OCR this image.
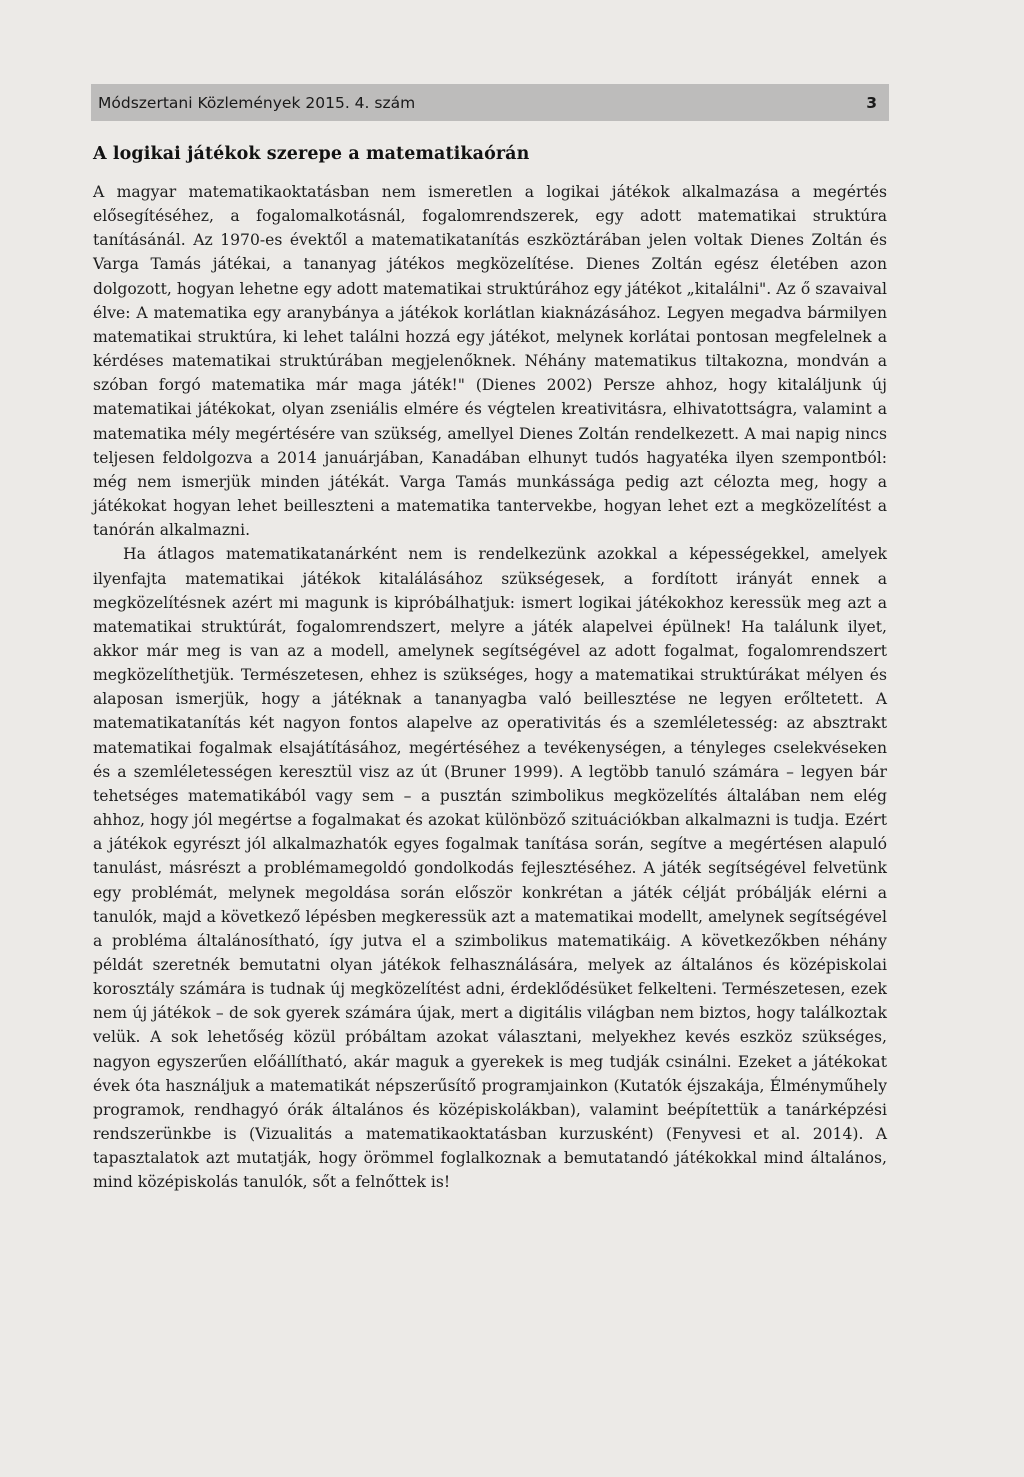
Módszertani Közlemények 2015. 4. szám	3
A logikai játékok szerepe a matematikaórán

A magyar matematikaoktatásban nem ismeretlen a logikai játékok alkalmazása a megértés elősegítéséhez, a fogalomalkotásnál, fogalomrendszerek, egy adott matematikai struktúra tanításánál. Az 1970-es évektől a matematikatanítás eszköztárában jelen voltak Dienes Zoltán és Varga Tamás játékai, a tananyag játékos megközelítése. Dienes Zoltán egész életében azon dolgozott, hogyan lehetne egy adott matematikai struktúrához egy játékot „kitalálni". Az ő szavaival élve: A matematika egy aranybánya a játékok korlátlan kiaknázásához. Legyen megadva bármilyen matematikai struktúra, ki lehet találni hozzá egy játékot, melynek korlátai pontosan megfelelnek a kérdéses matematikai struktúrában megjelenőknek. Néhány matematikus tiltakozna, mondván a szóban forgó matematika már maga játék!" (Dienes 2002) Persze ahhoz, hogy kitaláljunk új matematikai játékokat, olyan zseniális elmére és végtelen kreativitásra, elhivatottságra, valamint a matematika mély megértésére van szükség, amellyel Dienes Zoltán rendelkezett. A mai napig nincs teljesen feldolgozva a 2014 januárjában, Kanadában elhunyt tudós hagyatéka ilyen szempontból: még nem ismerjük minden játékát. Varga Tamás munkássága pedig azt célozta meg, hogy a játékokat hogyan lehet beilleszteni a matematika tantervekbe, hogyan lehet ezt a megközelítést a tanórán alkalmazni.

Ha átlagos matematikatanárként nem is rendelkezünk azokkal a képességekkel, amelyek ilyenfajta matematikai játékok kitalálásához szükségesek, a fordított irányát ennek a megközelítésnek azért mi magunk is kipróbálhatjuk: ismert logikai játékokhoz keressük meg azt a matematikai struktúrát, fogalomrendszert, melyre a játék alapelvei épülnek! Ha találunk ilyet, akkor már meg is van az a modell, amelynek segítségével az adott fogalmat, fogalomrendszert megközelíthetjük. Természetesen, ehhez is szükséges, hogy a matematikai struktúrákat mélyen és alaposan ismerjük, hogy a játéknak a tananyagba való beillesztése ne legyen erőltetett. A matematikatanítás két nagyon fontos alapelve az operativitás és a szemléletesség: az absztrakt matematikai fogalmak elsajátításához, megértéséhez a tevékenységen, a tényleges cselekvéseken és a szemléletességen keresztül visz az út (Bruner 1999). A legtöbb tanuló számára – legyen bár tehetséges matematikából vagy sem – a pusztán szimbolikus megközelítés általában nem elég ahhoz, hogy jól megértse a fogalmakat és azokat különböző szituációkban alkalmazni is tudja. Ezért a játékok egyrészt jól alkalmazhatók egyes fogalmak tanítása során, segítve a megértésen alapuló tanulást, másrészt a problémamegoldó gondolkodás fejlesztéséhez. A játék segítségével felvetünk egy problémát, melynek megoldása során először konkrétan a játék célját próbálják elérni a tanulók, majd a következő lépésben megkeressük azt a matematikai modellt, amelynek segítségével a probléma általánosítható, így jutva el a szimbolikus matematikáig. A következőkben néhány példát szeretnék bemutatni olyan játékok felhasználására, melyek az általános és középiskolai korosztály számára is tudnak új megközelítést adni, érdeklődésüket felkelteni. Természetesen, ezek nem új játékok – de sok gyerek számára újak, mert a digitális világban nem biztos, hogy találkoztak velük. A sok lehetőség közül próbáltam azokat választani, melyekhez kevés eszköz szükséges, nagyon egyszerűen előállítható, akár maguk a gyerekek is meg tudják csinálni. Ezeket a játékokat évek óta használjuk a matematikát népszerűsítő programjainkon (Kutatók éjszakája, Élményműhely programok, rendhagyó órák általános és középiskolákban), valamint beépítettük a tanárképzési rendszerünkbe is (Vizualitás a matematikaoktatásban kurzusként) (Fenyvesi et al. 2014). A tapasztalatok azt mutatják, hogy örömmel foglalkoznak a bemutatandó játékokkal mind általános, mind középiskolás tanulók, sőt a felnőttek is!
